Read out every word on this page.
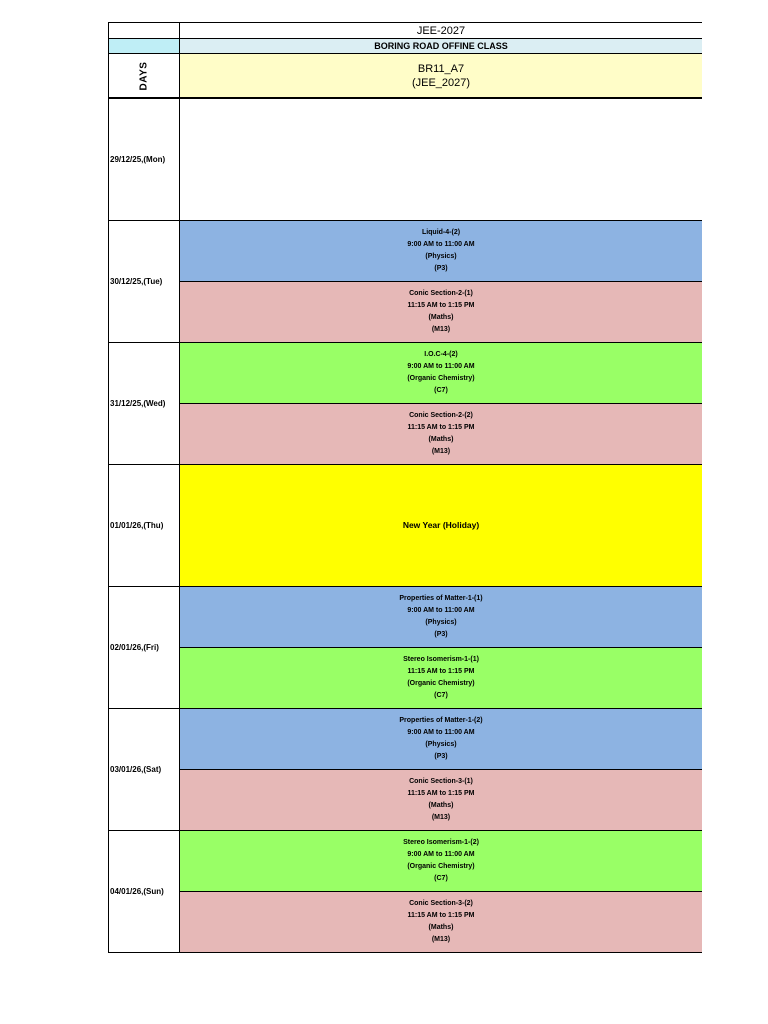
JEE-2027
BORING ROAD OFFINE CLASS
DAYS	BR11_A7
(JEE_2027)
29/12/25,(Mon)
30/12/25,(Tue)
Liquid-4-(2)
9:00 AM to 11:00 AM
(Physics)
(P3)
Conic Section-2-(1)
11:15 AM to 1:15 PM
(Maths)
(M13)
31/12/25,(Wed)
I.O.C-4-(2)
9:00 AM to 11:00 AM
(Organic Chemistry)
(C7)
Conic Section-2-(2)
11:15 AM to 1:15 PM
(Maths)
(M13)
01/01/26,(Thu)	New Year (Holiday)
02/01/26,(Fri)
Properties of Matter-1-(1)
9:00 AM to 11:00 AM
(Physics)
(P3)
Stereo Isomerism-1-(1)
11:15 AM to 1:15 PM
(Organic Chemistry)
(C7)
03/01/26,(Sat)
Properties of Matter-1-(2)
9:00 AM to 11:00 AM
(Physics)
(P3)
Conic Section-3-(1)
11:15 AM to 1:15 PM
(Maths)
(M13)
04/01/26,(Sun)
Stereo Isomerism-1-(2)
9:00 AM to 11:00 AM
(Organic Chemistry)
(C7)
Conic Section-3-(2)
11:15 AM to 1:15 PM
(Maths)
(M13)
